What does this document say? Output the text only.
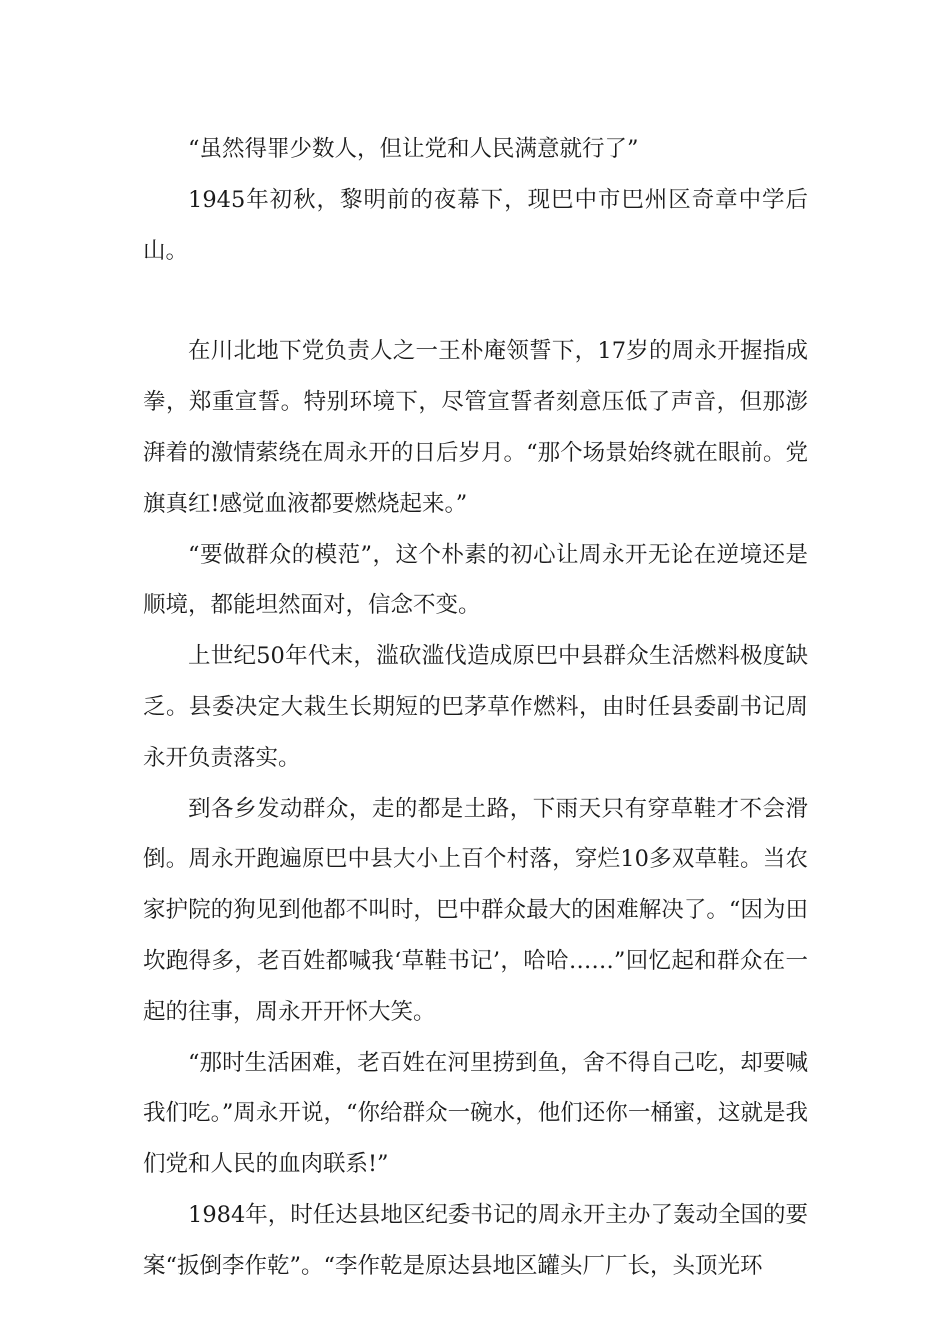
“虽然得罪少数人，但让党和人民满意就行了”

1945年初秋，黎明前的夜幕下，现巴中市巴州区奇章中学后山。

在川北地下党负责人之一王朴庵领誓下，17岁的周永开握指成拳，郑重宣誓。特别环境下，尽管宣誓者刻意压低了声音，但那澎湃着的激情萦绕在周永开的日后岁月。“那个场景始终就在眼前。党旗真红!感觉血液都要燃烧起来。”

“要做群众的模范”，这个朴素的初心让周永开无论在逆境还是顺境，都能坦然面对，信念不变。

上世纪50年代末，滥砍滥伐造成原巴中县群众生活燃料极度缺乏。县委决定大栽生长期短的巴茅草作燃料，由时任县委副书记周永开负责落实。

到各乡发动群众，走的都是土路，下雨天只有穿草鞋才不会滑倒。周永开跑遍原巴中县大小上百个村落，穿烂10多双草鞋。当农家护院的狗见到他都不叫时，巴中群众最大的困难解决了。“因为田坎跑得多，老百姓都喊我‘草鞋书记’，哈哈……”回忆起和群众在一起的往事，周永开开怀大笑。

“那时生活困难，老百姓在河里捞到鱼，舍不得自己吃，却要喊我们吃。”周永开说，“你给群众一碗水，他们还你一桶蜜，这就是我们党和人民的血肉联系!”

1984年，时任达县地区纪委书记的周永开主办了轰动全国的要案“扳倒李作乾”。“李作乾是原达县地区罐头厂厂长，头顶光环
